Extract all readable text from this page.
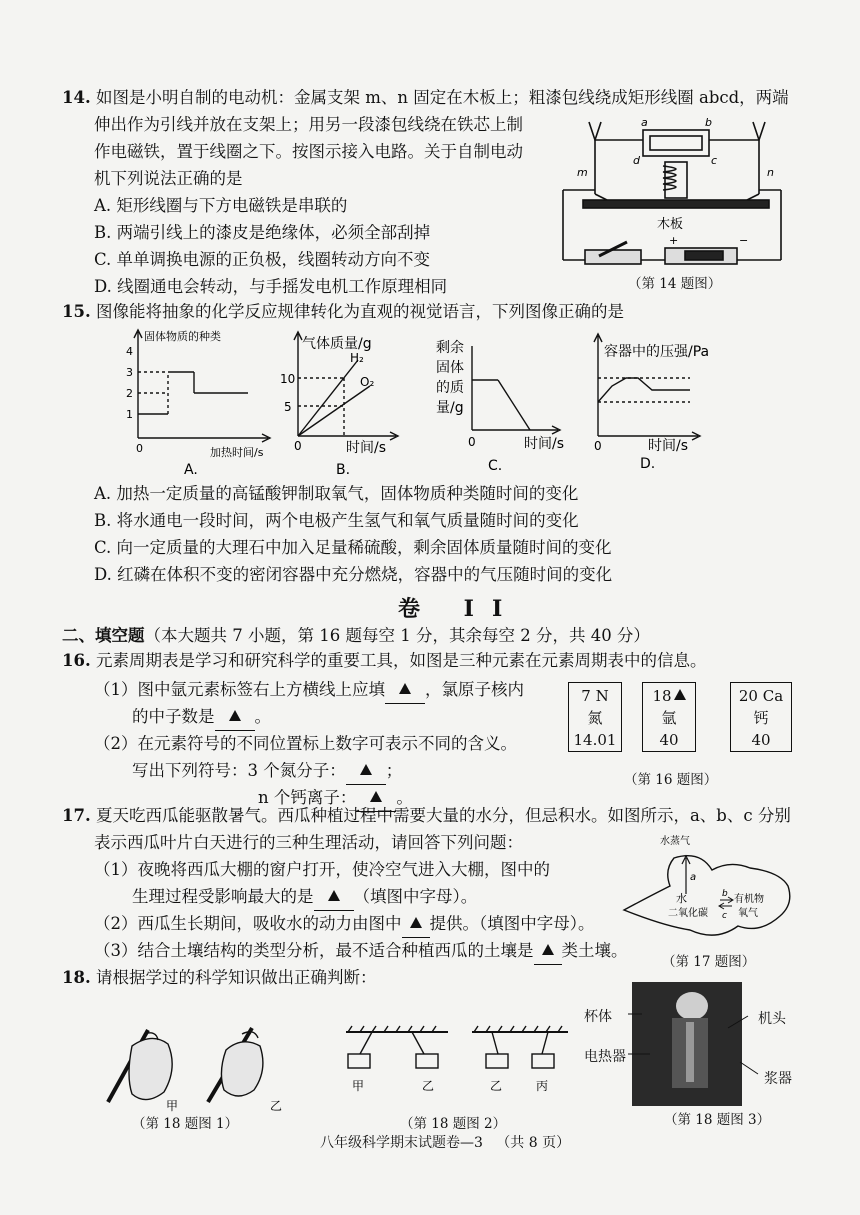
14. 如图是小明自制的电动机：金属支架 m、n 固定在木板上；粗漆包线绕成矩形线圈 abcd，两端
伸出作为引线并放在支架上；用另一段漆包线绕在铁芯上制
作电磁铁，置于线圈之下。按图示接入电路。关于自制电动
机下列说法正确的是
A. 矩形线圈与下方电磁铁是串联的
B. 两端引线上的漆皮是绝缘体，必须全部刮掉
C. 单单调换电源的正负极，线圈转动方向不变
D. 线圈通电会转动，与手摇发电机工作原理相同
a	b
c
d
m	n
木板
+	−
（第 14 题图）
15. 图像能将抽象的化学反应规律转化为直观的视觉语言，下列图像正确的是
固体物质的种类
1
2
3
4
0	加热时间/s
A.
气体质量/g
10
5
H₂
O₂
0	时间/s
B.
剩余
固体
的质
量/g
0	时间/s
C.
容器中的压强/Pa
0	时间/s
D.
A. 加热一定质量的高锰酸钾制取氧气，固体物质种类随时间的变化
B. 将水通电一段时间，两个电极产生氢气和氧气质量随时间的变化
C. 向一定质量的大理石中加入足量稀硫酸，剩余固体质量随时间的变化
D. 红磷在体积不变的密闭容器中充分燃烧，容器中的气压随时间的变化
卷 II
二、填空题（本大题共 7 小题，第 16 题每空 1 分，其余每空 2 分，共 40 分）
16. 元素周期表是学习和研究科学的重要工具，如图是三种元素在元素周期表中的信息。
（1）图中氩元素标签右上方横线上应填 ，氯原子核内
的中子数是 。
（2）在元素符号的不同位置标上数字可表示不同的含义。
写出下列符号：3 个氮分子： ；
n 个钙离子： 。
7 N
氮
14.01
18
氩
40
20 Ca
钙
40
（第 16 题图）
17. 夏天吃西瓜能驱散暑气。西瓜种植过程中需要大量的水分，但忌积水。如图所示，a、b、c 分别
表示西瓜叶片白天进行的三种生理活动，请回答下列问题：
（1）夜晚将西瓜大棚的窗户打开，使冷空气进入大棚，图中的
生理过程受影响最大的是 （填图中字母）。
（2）西瓜生长期间，吸收水的动力由图中 提供。（填图中字母）。
（3）结合土壤结构的类型分析，最不适合种植西瓜的土壤是 类土壤。
水蒸气
a
水
二氧化碳
b
c
有机物
氧气
（第 17 题图）
18. 请根据学过的科学知识做出正确判断：
甲	乙
（第 18 题图 1）
甲	乙	乙	丙
（第 18 题图 2）
杯体	机头
电热器
浆器
（第 18 题图 3）
八年级科学期末试题卷—3 （共 8 页）
